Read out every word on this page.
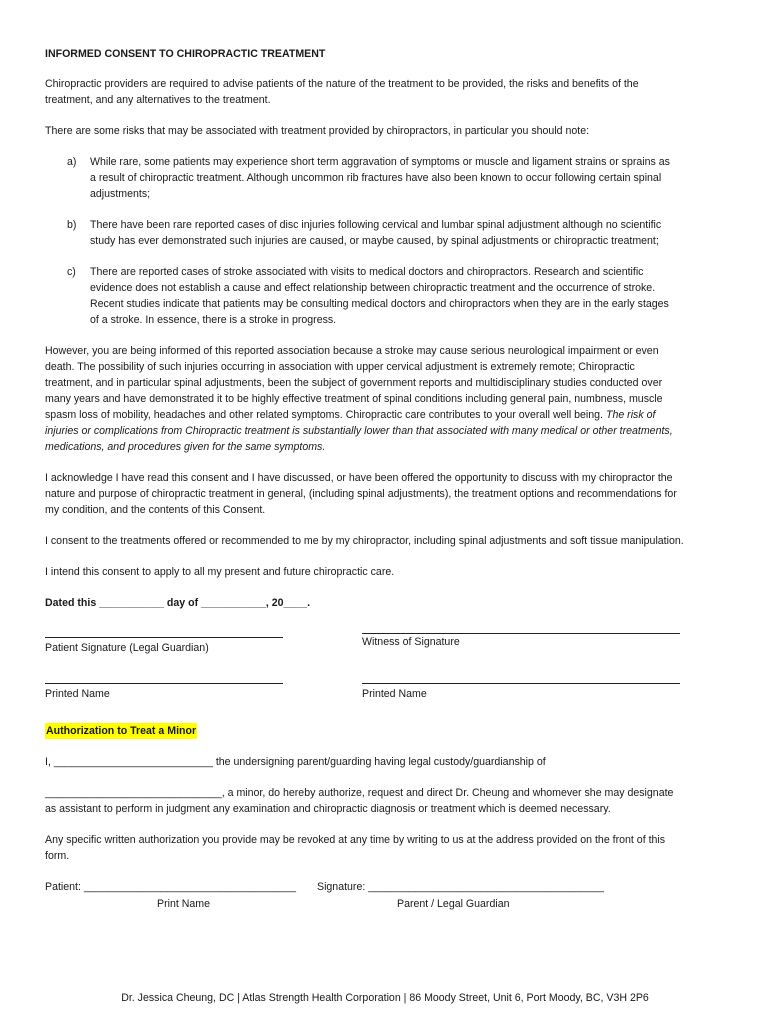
INFORMED CONSENT TO CHIROPRACTIC TREATMENT

Chiropractic providers are required to advise patients of the nature of the treatment to be provided, the risks and benefits of the treatment, and any alternatives to the treatment.

There are some risks that may be associated with treatment provided by chiropractors, in particular you should note:

a)	While rare, some patients may experience short term aggravation of symptoms or muscle and ligament strains or sprains as a result of chiropractic treatment. Although uncommon rib fractures have also been known to occur following certain spinal adjustments;
b)	There have been rare reported cases of disc injuries following cervical and lumbar spinal adjustment although no scientific study has ever demonstrated such injuries are caused, or maybe caused, by spinal adjustments or chiropractic treatment;
c)	There are reported cases of stroke associated with visits to medical doctors and chiropractors. Research and scientific evidence does not establish a cause and effect relationship between chiropractic treatment and the occurrence of stroke. Recent studies indicate that patients may be consulting medical doctors and chiropractors when they are in the early stages of a stroke. In essence, there is a stroke in progress.

However, you are being informed of this reported association because a stroke may cause serious neurological impairment or even death. The possibility of such injuries occurring in association with upper cervical adjustment is extremely remote; Chiropractic treatment, and in particular spinal adjustments, been the subject of government reports and multidisciplinary studies conducted over many years and have demonstrated it to be highly effective treatment of spinal conditions including general pain, numbness, muscle spasm loss of mobility, headaches and other related symptoms. Chiropractic care contributes to your overall well being. The risk of injuries or complications from Chiropractic treatment is substantially lower than that associated with many medical or other treatments, medications, and procedures given for the same symptoms.

I acknowledge I have read this consent and I have discussed, or have been offered the opportunity to discuss with my chiropractor the nature and purpose of chiropractic treatment in general, (including spinal adjustments), the treatment options and recommendations for my condition, and the contents of this Consent.

I consent to the treatments offered or recommended to me by my chiropractor, including spinal adjustments and soft tissue manipulation.

I intend this consent to apply to all my present and future chiropractic care.

Dated this ___________ day of ___________, 20____.
Patient Signature (Legal Guardian)	Witness of Signature
Printed Name	Printed Name

Authorization to Treat a Minor

I, ___________________________ the undersigning parent/guarding having legal custody/guardianship of

______________________________, a minor, do hereby authorize, request and direct Dr. Cheung and whomever she may designate as assistant to perform in judgment any examination and chiropractic diagnosis or treatment which is deemed necessary.

Any specific written authorization you provide may be revoked at any time by writing to us at the address provided on the front of this form.

Patient: ____________________________________ Signature: ________________________________________
Print Name	Parent / Legal Guardian
Dr. Jessica Cheung, DC | Atlas Strength Health Corporation | 86 Moody Street, Unit 6, Port Moody, BC, V3H 2P6
